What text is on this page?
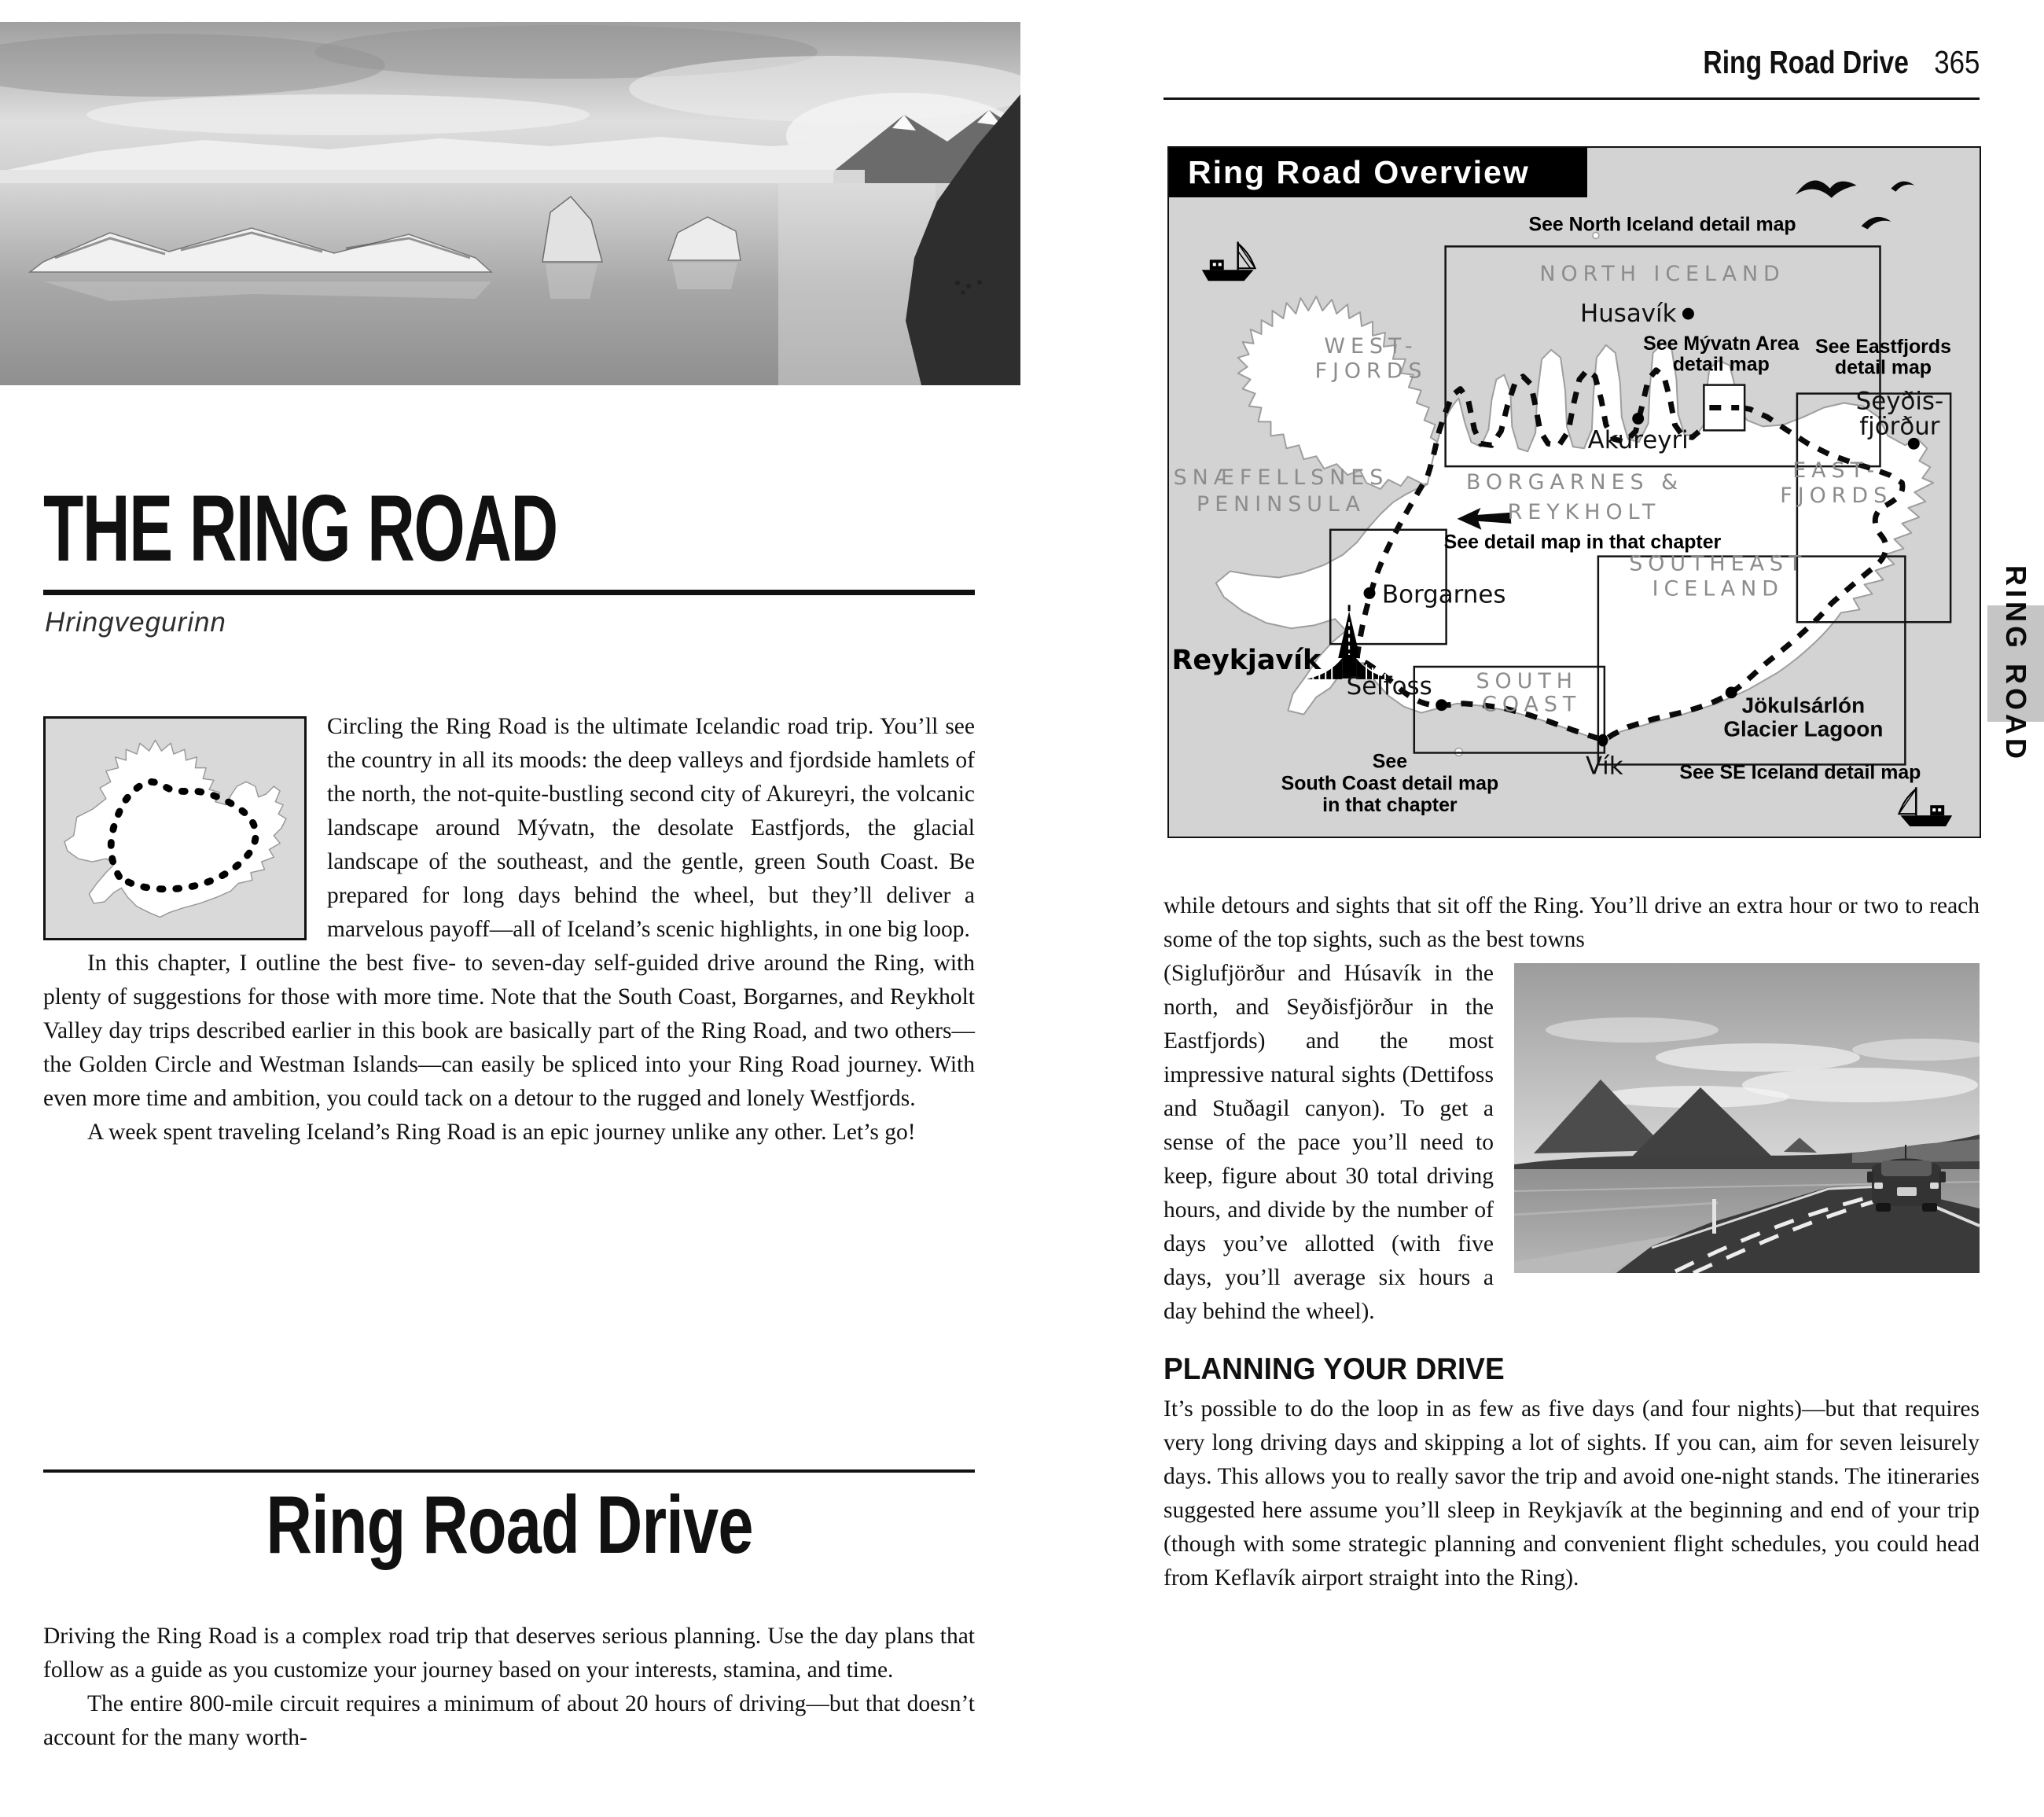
THE RING ROAD
Hringvegurinn

Circling the Ring Road is the ultimate Icelandic road trip. You’ll see the country in all its moods: the deep valleys and fjordside hamlets of the north, the not-quite-bustling second city of Akureyri, the volcanic landscape around Mývatn, the desolate Eastfjords, the glacial landscape of the southeast, and the gentle, green South Coast. Be prepared for long days behind the wheel, but they’ll deliver a marvelous payoff—all of Iceland’s scenic highlights, in one big loop.

In this chapter, I outline the best five- to seven-day self-guided drive around the Ring, with plenty of suggestions for those with more time. Note that the South Coast, Borgarnes, and Reykholt Valley day trips described earlier in this book are basically part of the Ring Road, and two others—the Golden Circle and Westman Islands—can easily be spliced into your Ring Road journey. With even more time and ambition, you could tack on a detour to the rugged and lonely Westfjords.

A week spent traveling Iceland’s Ring Road is an epic journey unlike any other. Let’s go!

Ring Road Drive

Driving the Ring Road is a complex road trip that deserves serious planning. Use the day plans that follow as a guide as you customize your journey based on your interests, stamina, and time.

The entire 800-mile circuit requires a minimum of about 20 hours of driving—but that doesn’t account for the many worth-

Ring Road Drive 365
See North Iceland detail map
NORTH ICELAND
Husavík
See Mývatn Area
detail map
See Eastfjords
detail map
Seyðis-
fjörður
WEST-
FJORDS
Akureyri
SNÆFELLSNES
PENINSULA
BORGARNES &
REYKHOLT
See detail map in that chapter
EAST-
FJORDS
Borgarnes
Reykjavík
SOUTHEAST
ICELAND
SOUTH
COAST
Selfoss
Jökulsárlón
Glacier Lagoon
See
South Coast detail map
in that chapter
Vík	See SE Iceland detail map
Ring Road Overview
RING ROAD

while detours and sights that sit off the Ring. You’ll drive an extra hour or two to reach some of the top sights, such as the best towns

(Siglufjörður and Húsavík in the north, and Seyðisfjörður in the Eastfjords) and the most impressive natural sights (Dettifoss and Stuðagil canyon). To get a sense of the pace you’ll need to keep, figure about 30 total driving hours, and divide by the number of days you’ve allotted (with five days, you’ll average six hours a day behind the wheel).

PLANNING YOUR DRIVE

It’s possible to do the loop in as few as five days (and four nights)—but that requires very long driving days and skipping a lot of sights. If you can, aim for seven leisurely days. This allows you to really savor the trip and avoid one-night stands. The itineraries suggested here assume you’ll sleep in Reykjavík at the beginning and end of your trip (though with some strategic planning and convenient flight schedules, you could head from Keflavík airport straight into the Ring).
